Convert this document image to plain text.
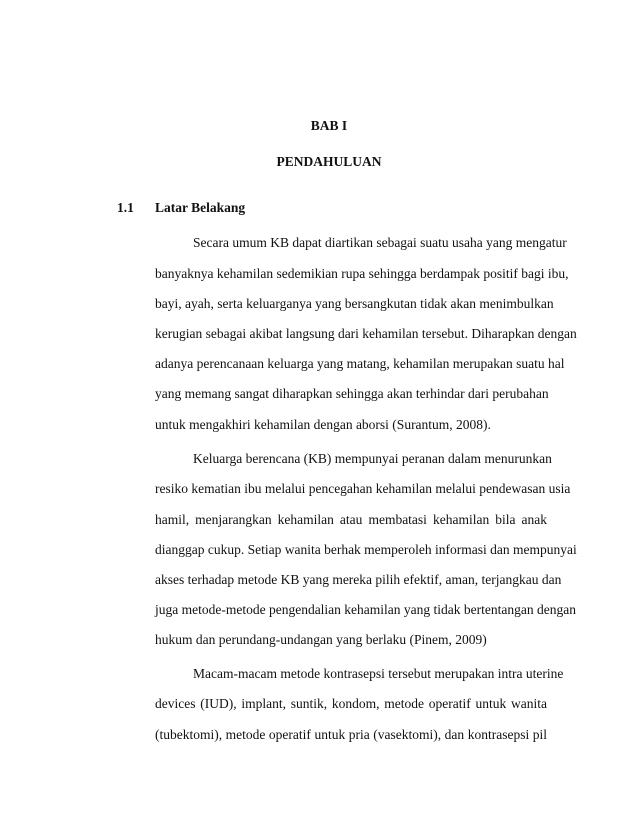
BAB I
PENDAHULUAN
1.1 Latar Belakang
Secara umum KB dapat diartikan sebagai suatu usaha yang mengatur
banyaknya kehamilan sedemikian rupa sehingga berdampak positif bagi ibu,
bayi, ayah, serta keluarganya yang bersangkutan tidak akan menimbulkan
kerugian sebagai akibat langsung dari kehamilan tersebut. Diharapkan dengan
adanya perencanaan keluarga yang matang, kehamilan merupakan suatu hal
yang memang sangat diharapkan sehingga akan terhindar dari perubahan
untuk mengakhiri kehamilan dengan aborsi (Surantum, 2008).
Keluarga berencana (KB) mempunyai peranan dalam menurunkan
resiko kematian ibu melalui pencegahan kehamilan melalui pendewasan usia
hamil, menjarangkan kehamilan atau membatasi kehamilan bila anak
dianggap cukup. Setiap wanita berhak memperoleh informasi dan mempunyai
akses terhadap metode KB yang mereka pilih efektif, aman, terjangkau dan
juga metode-metode pengendalian kehamilan yang tidak bertentangan dengan
hukum dan perundang-undangan yang berlaku (Pinem, 2009)
Macam-macam metode kontrasepsi tersebut merupakan intra uterine
devices (IUD), implant, suntik, kondom, metode operatif untuk wanita
(tubektomi), metode operatif untuk pria (vasektomi), dan kontrasepsi pil
